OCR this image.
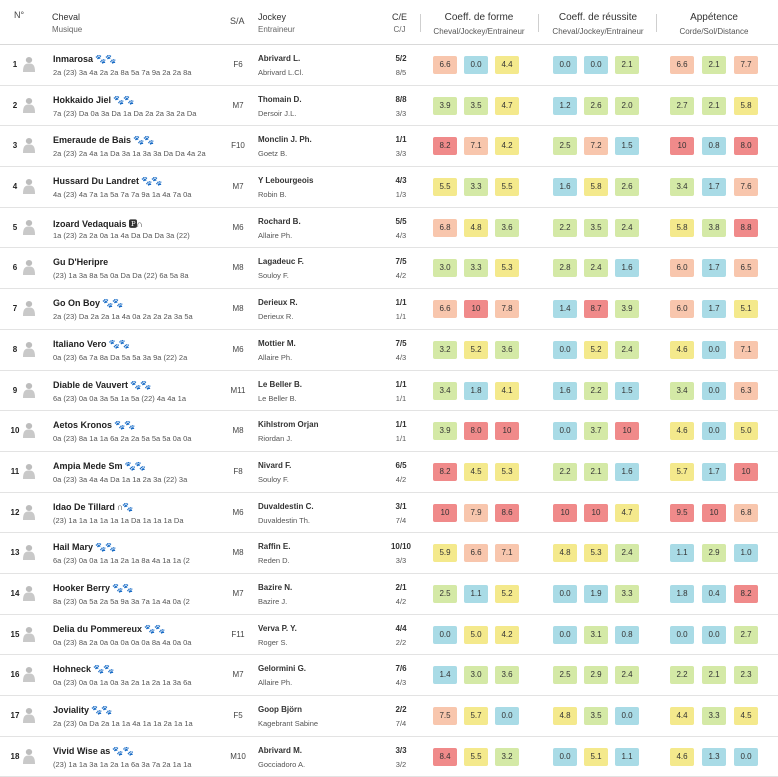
N°	Cheval
Musique
S/A Jockey
Entraineur
C/E
C/J
Coeff. de forme
Cheval/Jockey/Entraineur
Coeff. de réussite
Cheval/Jockey/Entraineur
Appétence
Corde/Sol/Distance
1
Inmarosa 🐾🐾
2a (23) 3a 4a 2a 2a 8a 5a 7a 9a 2a 2a 8a
F6
Abrivard L.
Abrivard L.Cl.
5/2
8/5
6.6	0.0	4.4	0.0	0.0	2.1	6.6	2.1	7.7
2
Hokkaido Jiel 🐾🐾
7a (23) Da 0a 3a Da 1a Da 2a 2a 3a 2a Da
M7
Thomain D.
Dersoir J.L.
8/8
3/3
3.9	3.5	4.7	1.2	2.6	2.0	2.7	2.1	5.8
3
Emeraude de Bais 🐾🐾
2a (23) 2a 4a 1a Da 3a 1a 3a 3a Da Da 4a 2a
F10
Monclin J. Ph.
Goetz B.
1/1
3/3
8.2	7.1	4.2	2.5	7.2	1.5	10	0.8	8.0
4
Hussard Du Landret 🐾🐾
4a (23) 4a 7a 1a 5a 7a 7a 9a 1a 4a 7a 0a
M7
Y Lebourgeois
Robin B.
4/3
1/3
5.5	3.3	5.5	1.6	5.8	2.6	3.4	1.7	7.6
5	Izoard Vedaquais 🅿∩
1a (23) 2a 2a 0a 1a 4a Da Da Da 3a (22)
M6
Rochard B.
Allaire Ph.
5/5
4/3
6.8	4.8	3.6	2.2	3.5	2.4	5.8	3.8	8.8
6
Gu D'Heripre
(23) 1a 3a 8a 5a 0a Da Da (22) 6a 5a 8a
M8
Lagadeuc F.
Souloy F.
7/5
4/2
3.0	3.3	5.3	2.8	2.4	1.6	6.0	1.7	6.5
7
Go On Boy 🐾🐾
2a (23) Da 2a 2a 1a 4a 0a 2a 2a 2a 3a 5a
M8
Derieux R.
Derieux R.
1/1
1/1
6.6	10	7.8	1.4	8.7	3.9	6.0	1.7	5.1
8
Italiano Vero 🐾🐾
0a (23) 6a 7a 8a Da 5a 5a 3a 9a (22) 2a
M6
Mottier M.
Allaire Ph.
7/5
4/3
3.2	5.2	3.6	0.0	5.2	2.4	4.6	0.0	7.1
9
Diable de Vauvert 🐾🐾
6a (23) 0a 0a 3a 5a 1a 5a (22) 4a 4a 1a
M11
Le Beller B.
Le Beller B.
1/1
1/1
3.4	1.8	4.1	1.6	2.2	1.5	3.4	0.0	6.3
10
Aetos Kronos 🐾🐾
0a (23) 8a 1a 1a 6a 2a 2a 5a 5a 5a 0a 0a
M8
Kihlstrom Orjan
Riordan J.
1/1
1/1
3.9	8.0	10	0.0	3.7	10	4.6	0.0	5.0
11
Ampia Mede Sm 🐾🐾
0a (23) 3a 4a 4a Da 1a 1a 2a 3a (22) 3a
F8
Nivard F.
Souloy F.
6/5
4/2
8.2	4.5	5.3	2.2	2.1	1.6	5.7	1.7	10
12
Idao De Tillard ∩🐾
(23) 1a 1a 1a 1a 1a 1a Da 1a 1a 1a Da
M6
Duvaldestin C.
Duvaldestin Th.
3/1
7/4
10	7.9	8.6	10	10	4.7	9.5	10	6.8
13
Hail Mary 🐾🐾
6a (23) 0a 0a 1a 1a 2a 1a 8a 4a 1a 1a (2
M8
Raffin E.
Reden D.
10/10
3/3
5.9	6.6	7.1	4.8	5.3	2.4	1.1	2.9	1.0
14
Hooker Berry 🐾🐾
8a (23) 0a 5a 2a 5a 9a 3a 7a 1a 4a 0a (2
M7
Bazire N.
Bazire J.
2/1
4/2
2.5	1.1	5.2	0.0	1.9	3.3	1.8	0.4	8.2
15
Delia du Pommereux 🐾🐾
0a (23) 8a 2a 0a 0a 0a 0a 0a 8a 4a 0a 0a
F11
Verva P. Y.
Roger S.
4/4
2/2
0.0	5.0	4.2	0.0	3.1	0.8	0.0	0.0	2.7
16
Hohneck 🐾🐾
0a (23) 0a 0a 1a 0a 3a 2a 1a 2a 1a 3a 6a
M7
Gelormini G.
Allaire Ph.
7/6
4/3
1.4	3.0	3.6	2.5	2.9	2.4	2.2	2.1	2.3
17
Joviality 🐾🐾
2a (23) 0a Da 2a 1a 1a 4a 1a 1a 2a 1a 1a
F5
Goop Björn
Kagebrant Sabine
2/2
7/4
7.5	5.7	0.0	4.8	3.5	0.0	4.4	3.3	4.5
18
Vivid Wise as 🐾🐾
(23) 1a 1a 3a 1a 2a 1a 6a 3a 7a 2a 1a 1a
M10
Abrivard M.
Gocciadoro A.
3/3
3/2
8.4	5.5	3.2	0.0	5.1	1.1	4.6	1.3	0.0
